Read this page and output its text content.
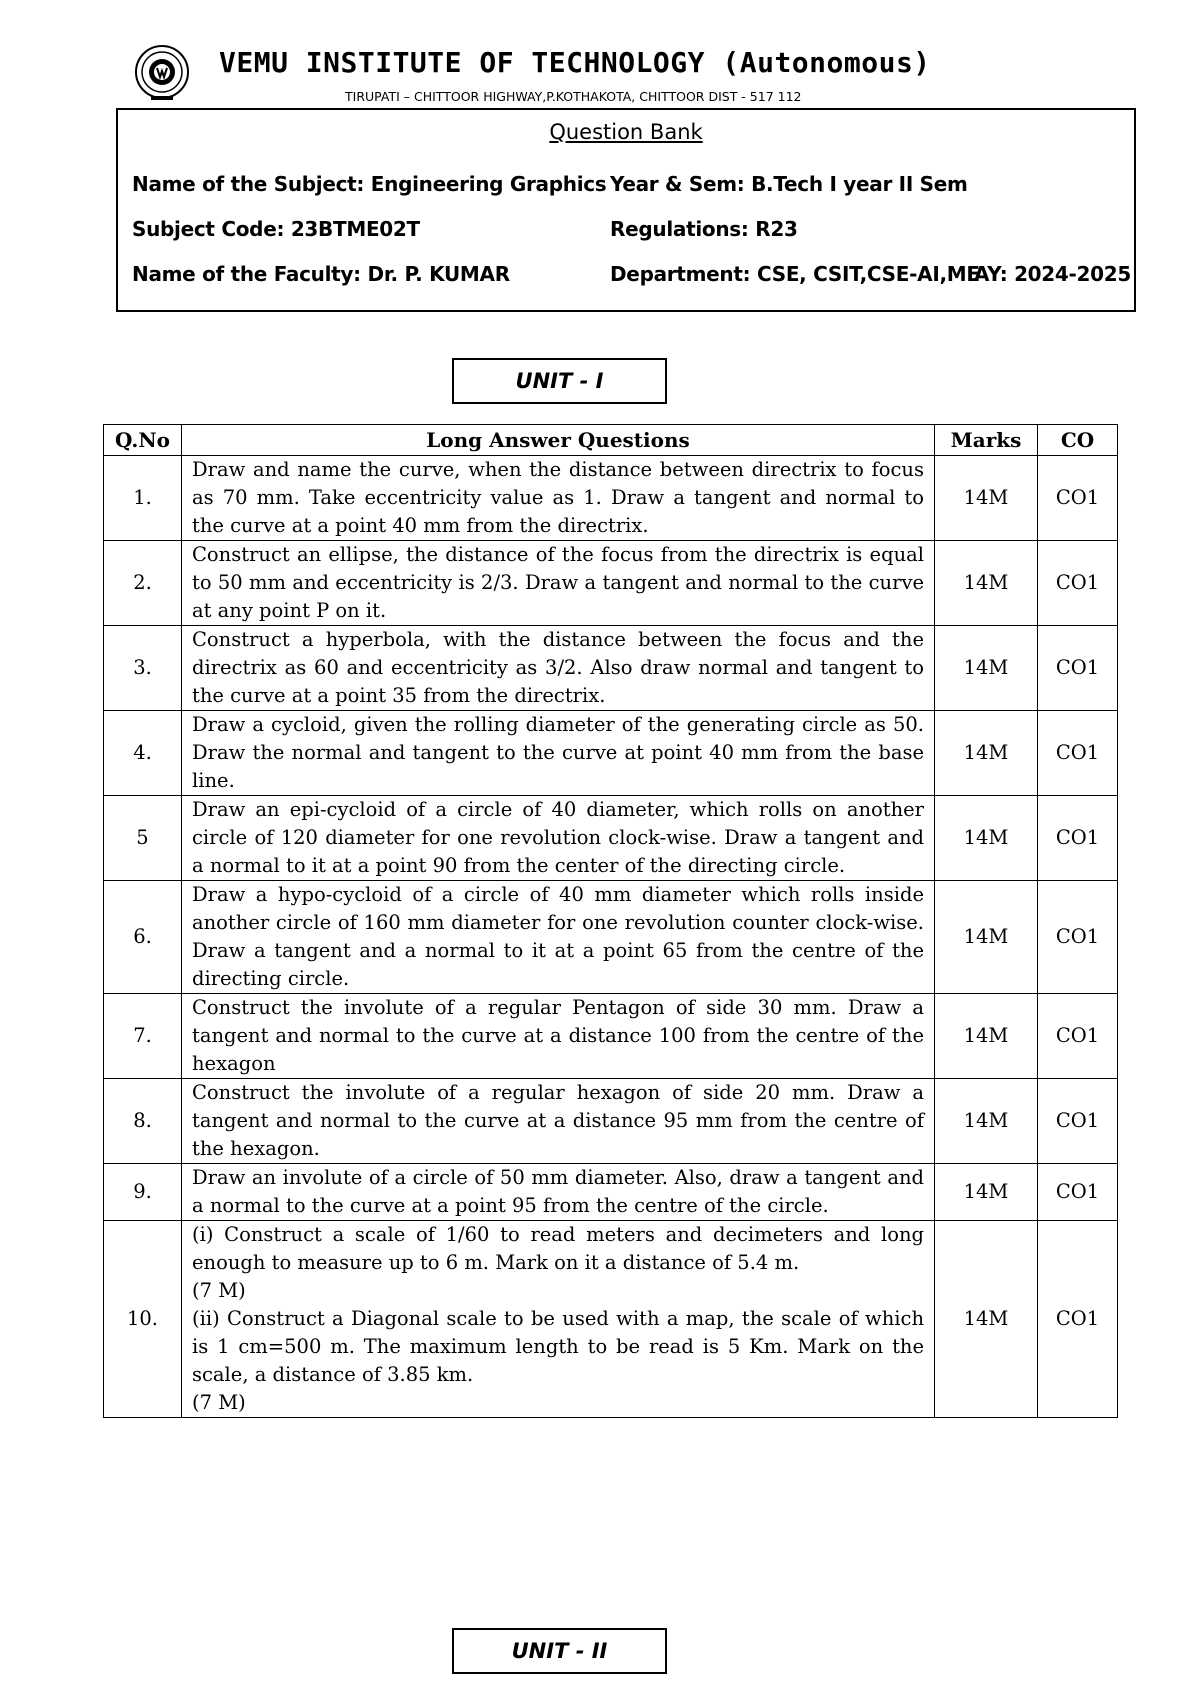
VEMU INSTITUTE OF TECHNOLOGY (Autonomous)
TIRUPATI – CHITTOOR HIGHWAY,P.KOTHAKOTA, CHITTOOR DIST - 517 112
Question Bank
Name of the Subject: Engineering Graphics Year & Sem: B.Tech I year II Sem
Subject Code: 23BTME02T	Regulations: R23
Name of the Faculty: Dr. P. KUMAR	Department: CSE, CSIT,CSE-AI,ME
AY: 2024-2025
UNIT - I
Q.No	Long Answer Questions	Marks	CO
1.	Draw and name the curve, when the distance between directrix to focus as 70 mm. Take eccentricity value as 1. Draw a tangent and normal to the curve at a point 40 mm from the directrix.	14M	CO1
2.	Construct an ellipse, the distance of the focus from the directrix is equal to 50 mm and eccentricity is 2/3. Draw a tangent and normal to the curve at any point P on it.	14M	CO1
3.	Construct a hyperbola, with the distance between the focus and the directrix as 60 and eccentricity as 3/2. Also draw normal and tangent to the curve at a point 35 from the directrix.	14M	CO1
4.	Draw a cycloid, given the rolling diameter of the generating circle as 50. Draw the normal and tangent to the curve at point 40 mm from the base line.	14M	CO1
5	Draw an epi-cycloid of a circle of 40 diameter, which rolls on another circle of 120 diameter for one revolution clock-wise. Draw a tangent and a normal to it at a point 90 from the center of the directing circle.	14M	CO1
6.	Draw a hypo-cycloid of a circle of 40 mm diameter which rolls inside another circle of 160 mm diameter for one revolution counter clock-wise. Draw a tangent and a normal to it at a point 65 from the centre of the directing circle.	14M	CO1
7.	Construct the involute of a regular Pentagon of side 30 mm. Draw a tangent and normal to the curve at a distance 100 from the centre of the hexagon	14M	CO1
8.	Construct the involute of a regular hexagon of side 20 mm. Draw a tangent and normal to the curve at a distance 95 mm from the centre of the hexagon.	14M	CO1
9.	Draw an involute of a circle of 50 mm diameter. Also, draw a tangent and a normal to the curve at a point 95 from the centre of the circle.	14M	CO1
10.	(i) Construct a scale of 1/60 to read meters and decimeters and long enough to measure up to 6 m. Mark on it a distance of 5.4 m.
(7 M)
(ii) Construct a Diagonal scale to be used with a map, the scale of which is 1 cm=500 m. The maximum length to be read is 5 Km. Mark on the scale, a distance of 3.85 km.
(7 M)	14M	CO1
UNIT - II
